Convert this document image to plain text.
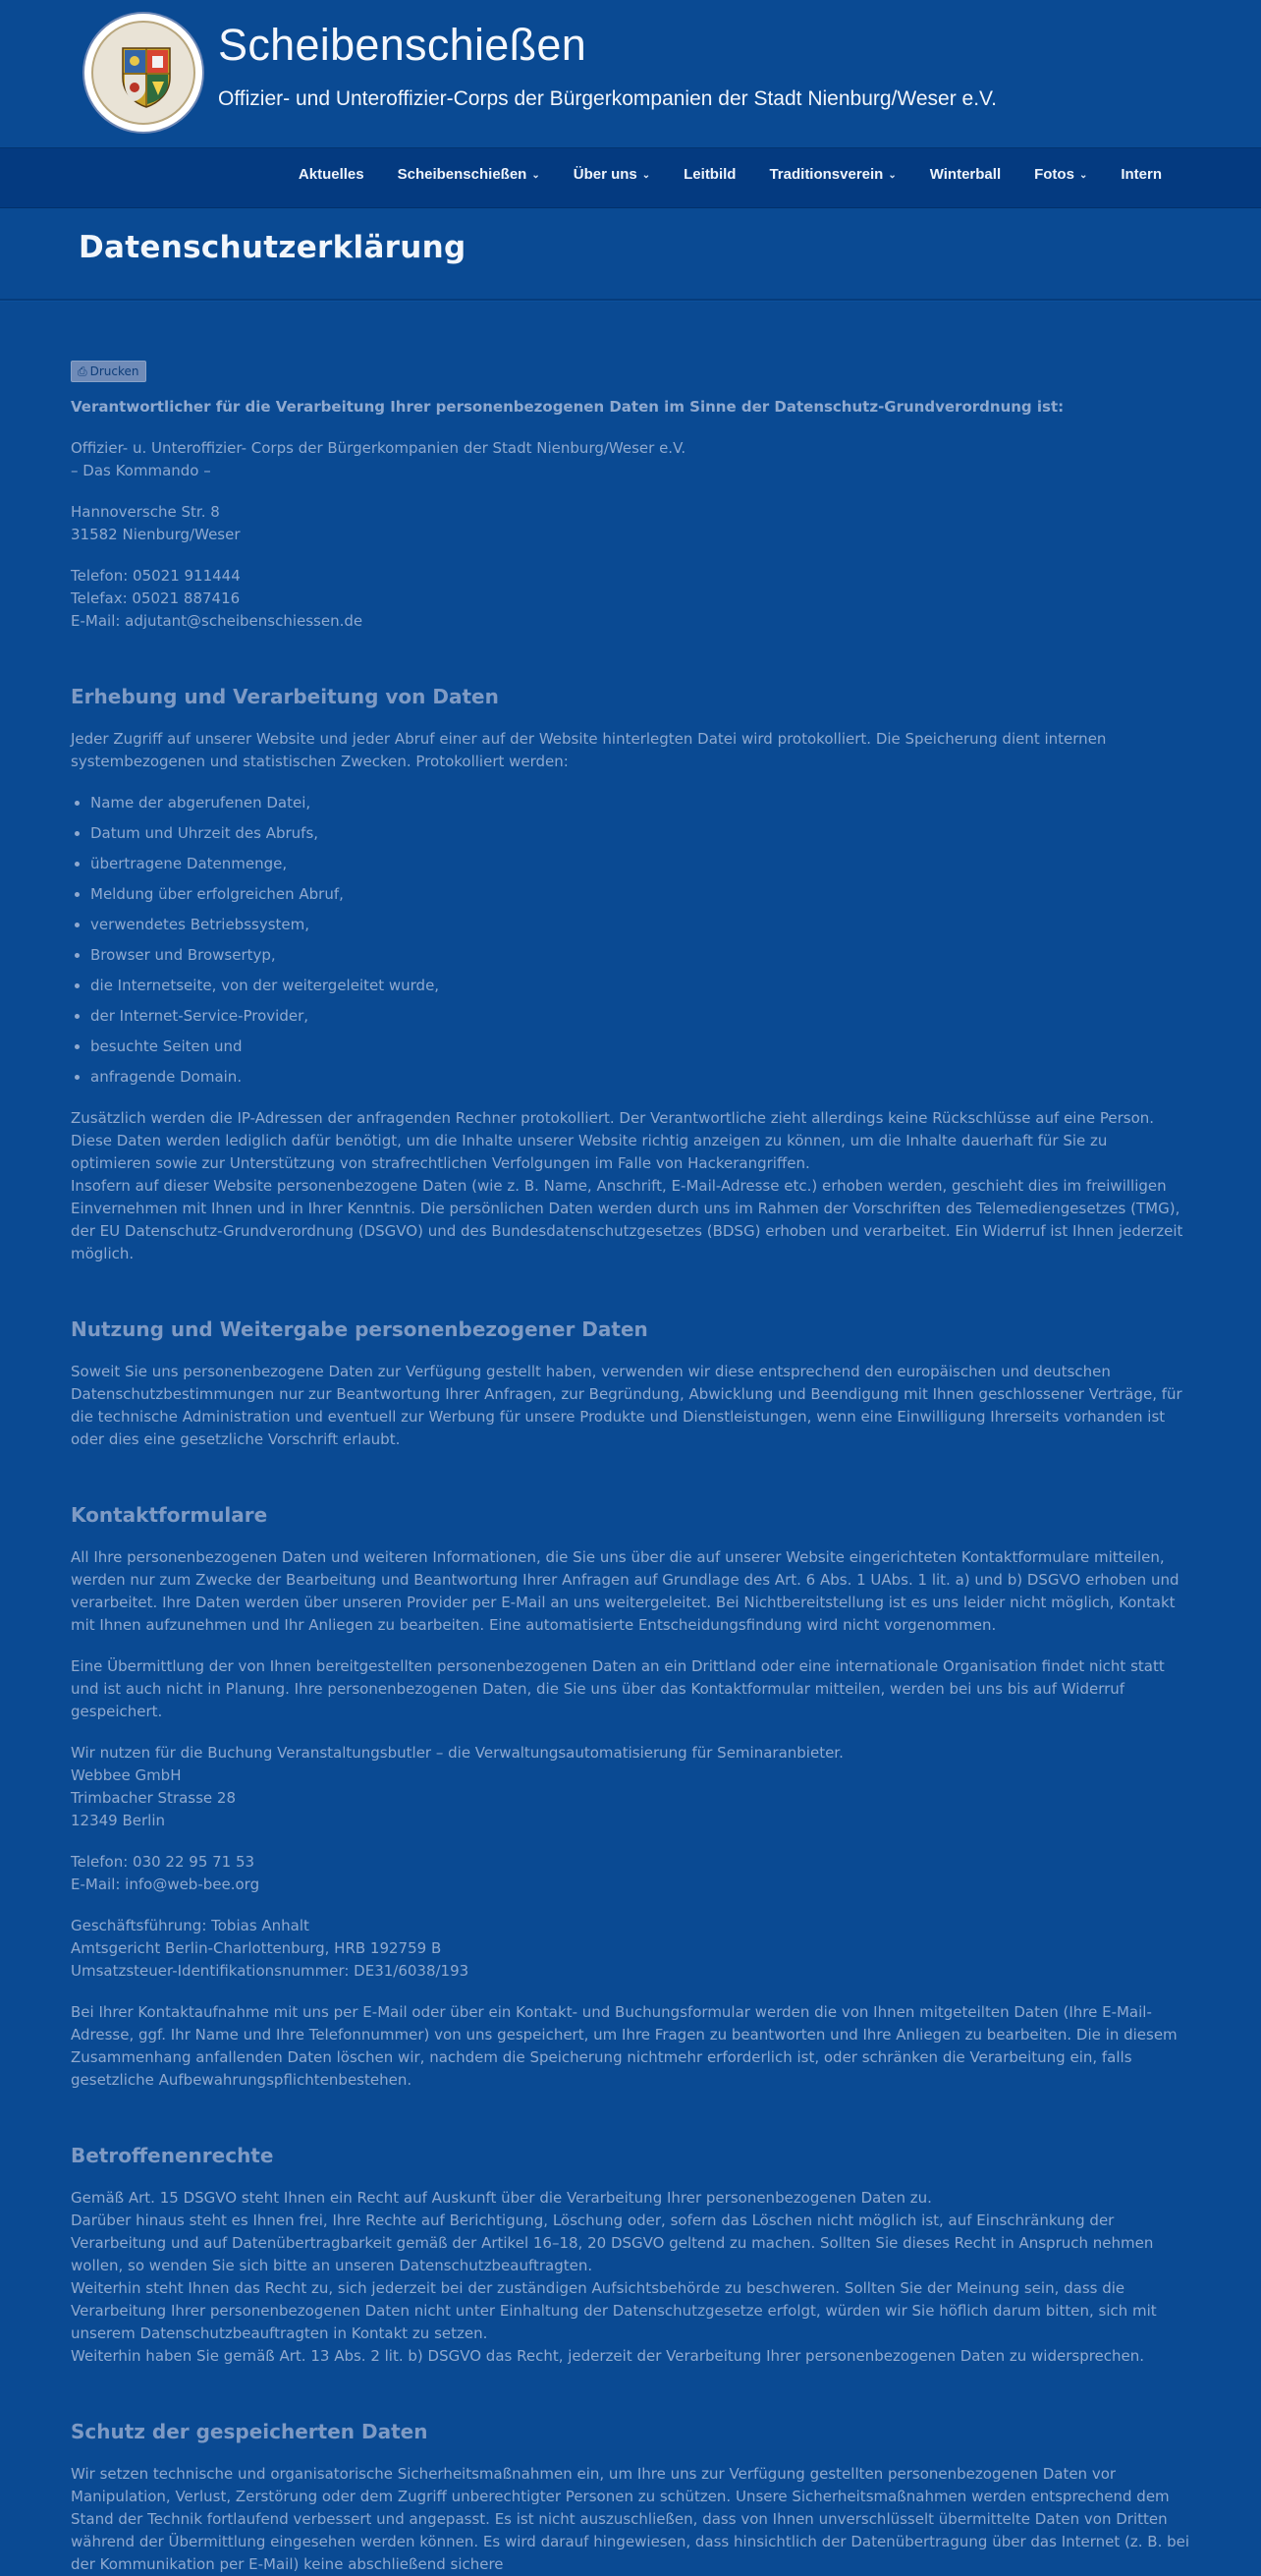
Scheibenschießen

Offizier- und Unteroffizier-Corps der Bürgerkompanien der Stadt Nienburg/Weser e.V.

Aktuelles Scheibenschießen ⌄ Über uns ⌄ Leitbild Traditionsverein ⌄ Winterball Fotos ⌄ Intern
Datenschutzerklärung
⎙ Drucken

Verantwortlicher für die Verarbeitung Ihrer personenbezogenen Daten im Sinne der Datenschutz-Grundverordnung ist:

Offizier- u. Unteroffizier- Corps der Bürgerkompanien der Stadt Nienburg/Weser e.V.
– Das Kommando –

Hannoversche Str. 8
31582 Nienburg/Weser

Telefon: 05021 911444
Telefax: 05021 887416
E-Mail: adjutant@scheibenschiessen.de

Erhebung und Verarbeitung von Daten

Jeder Zugriff auf unserer Website und jeder Abruf einer auf der Website hinterlegten Datei wird protokolliert. Die Speicherung dient internen systembezogenen und statistischen Zwecken. Protokolliert werden:

• Name der abgerufenen Datei,
• Datum und Uhrzeit des Abrufs,
• übertragene Datenmenge,
• Meldung über erfolgreichen Abruf,
• verwendetes Betriebssystem,
• Browser und Browsertyp,
• die Internetseite, von der weitergeleitet wurde,
• der Internet-Service-Provider,
• besuchte Seiten und
• anfragende Domain.

Zusätzlich werden die IP-Adressen der anfragenden Rechner protokolliert. Der Verantwortliche zieht allerdings keine Rückschlüsse auf eine Person.
Diese Daten werden lediglich dafür benötigt, um die Inhalte unserer Website richtig anzeigen zu können, um die Inhalte dauerhaft für Sie zu optimieren sowie zur Unterstützung von strafrechtlichen Verfolgungen im Falle von Hackerangriffen.
Insofern auf dieser Website personenbezogene Daten (wie z. B. Name, Anschrift, E-Mail-Adresse etc.) erhoben werden, geschieht dies im freiwilligen Einvernehmen mit Ihnen und in Ihrer Kenntnis. Die persönlichen Daten werden durch uns im Rahmen der Vorschriften des Telemediengesetzes (TMG), der EU Datenschutz-Grundverordnung (DSGVO) und des Bundesdatenschutzgesetzes (BDSG) erhoben und verarbeitet. Ein Widerruf ist Ihnen jederzeit möglich.

Nutzung und Weitergabe personenbezogener Daten

Soweit Sie uns personenbezogene Daten zur Verfügung gestellt haben, verwenden wir diese entsprechend den europäischen und deutschen Datenschutzbestimmungen nur zur Beantwortung Ihrer Anfragen, zur Begründung, Abwicklung und Beendigung mit Ihnen geschlossener Verträge, für die technische Administration und eventuell zur Werbung für unsere Produkte und Dienstleistungen, wenn eine Einwilligung Ihrerseits vorhanden ist oder dies eine gesetzliche Vorschrift erlaubt.

Kontaktformulare

All Ihre personenbezogenen Daten und weiteren Informationen, die Sie uns über die auf unserer Website eingerichteten Kontaktformulare mitteilen, werden nur zum Zwecke der Bearbeitung und Beantwortung Ihrer Anfragen auf Grundlage des Art. 6 Abs. 1 UAbs. 1 lit. a) und b) DSGVO erhoben und verarbeitet. Ihre Daten werden über unseren Provider per E-Mail an uns weitergeleitet. Bei Nichtbereitstellung ist es uns leider nicht möglich, Kontakt mit Ihnen aufzunehmen und Ihr Anliegen zu bearbeiten. Eine automatisierte Entscheidungsfindung wird nicht vorgenommen.

Eine Übermittlung der von Ihnen bereitgestellten personenbezogenen Daten an ein Drittland oder eine internationale Organisation findet nicht statt und ist auch nicht in Planung. Ihre personenbezogenen Daten, die Sie uns über das Kontaktformular mitteilen, werden bei uns bis auf Widerruf gespeichert.

Wir nutzen für die Buchung Veranstaltungsbutler – die Verwaltungsautomatisierung für Seminaranbieter.
Webbee GmbH
Trimbacher Strasse 28
12349 Berlin

Telefon: 030 22 95 71 53
E-Mail: info@web-bee.org

Geschäftsführung: Tobias Anhalt
Amtsgericht Berlin-Charlottenburg, HRB 192759 B
Umsatzsteuer-Identifikationsnummer: DE31/6038/193

Bei Ihrer Kontaktaufnahme mit uns per E-Mail oder über ein Kontakt- und Buchungsformular werden die von Ihnen mitgeteilten Daten (Ihre E-Mail-Adresse, ggf. Ihr Name und Ihre Telefonnummer) von uns gespeichert, um Ihre Fragen zu beantworten und Ihre Anliegen zu bearbeiten. Die in diesem Zusammenhang anfallenden Daten löschen wir, nachdem die Speicherung nichtmehr erforderlich ist, oder schränken die Verarbeitung ein, falls gesetzliche Aufbewahrungspflichtenbestehen.

Betroffenenrechte

Gemäß Art. 15 DSGVO steht Ihnen ein Recht auf Auskunft über die Verarbeitung Ihrer personenbezogenen Daten zu.
Darüber hinaus steht es Ihnen frei, Ihre Rechte auf Berichtigung, Löschung oder, sofern das Löschen nicht möglich ist, auf Einschränkung der Verarbeitung und auf Datenübertragbarkeit gemäß der Artikel 16–18, 20 DSGVO geltend zu machen. Sollten Sie dieses Recht in Anspruch nehmen wollen, so wenden Sie sich bitte an unseren Datenschutzbeauftragten.
Weiterhin steht Ihnen das Recht zu, sich jederzeit bei der zuständigen Aufsichtsbehörde zu beschweren. Sollten Sie der Meinung sein, dass die Verarbeitung Ihrer personenbezogenen Daten nicht unter Einhaltung der Datenschutzgesetze erfolgt, würden wir Sie höflich darum bitten, sich mit unserem Datenschutzbeauftragten in Kontakt zu setzen.
Weiterhin haben Sie gemäß Art. 13 Abs. 2 lit. b) DSGVO das Recht, jederzeit der Verarbeitung Ihrer personenbezogenen Daten zu widersprechen.

Schutz der gespeicherten Daten

Wir setzen technische und organisatorische Sicherheitsmaßnahmen ein, um Ihre uns zur Verfügung gestellten personenbezogenen Daten vor Manipulation, Verlust, Zerstörung oder dem Zugriff unberechtigter Personen zu schützen. Unsere Sicherheitsmaßnahmen werden entsprechend dem Stand der Technik fortlaufend verbessert und angepasst. Es ist nicht auszuschließen, dass von Ihnen unverschlüsselt übermittelte Daten von Dritten während der Übermittlung eingesehen werden können. Es wird darauf hingewiesen, dass hinsichtlich der Datenübertragung über das Internet (z. B. bei der Kommunikation per E-Mail) keine abschließend sichere
